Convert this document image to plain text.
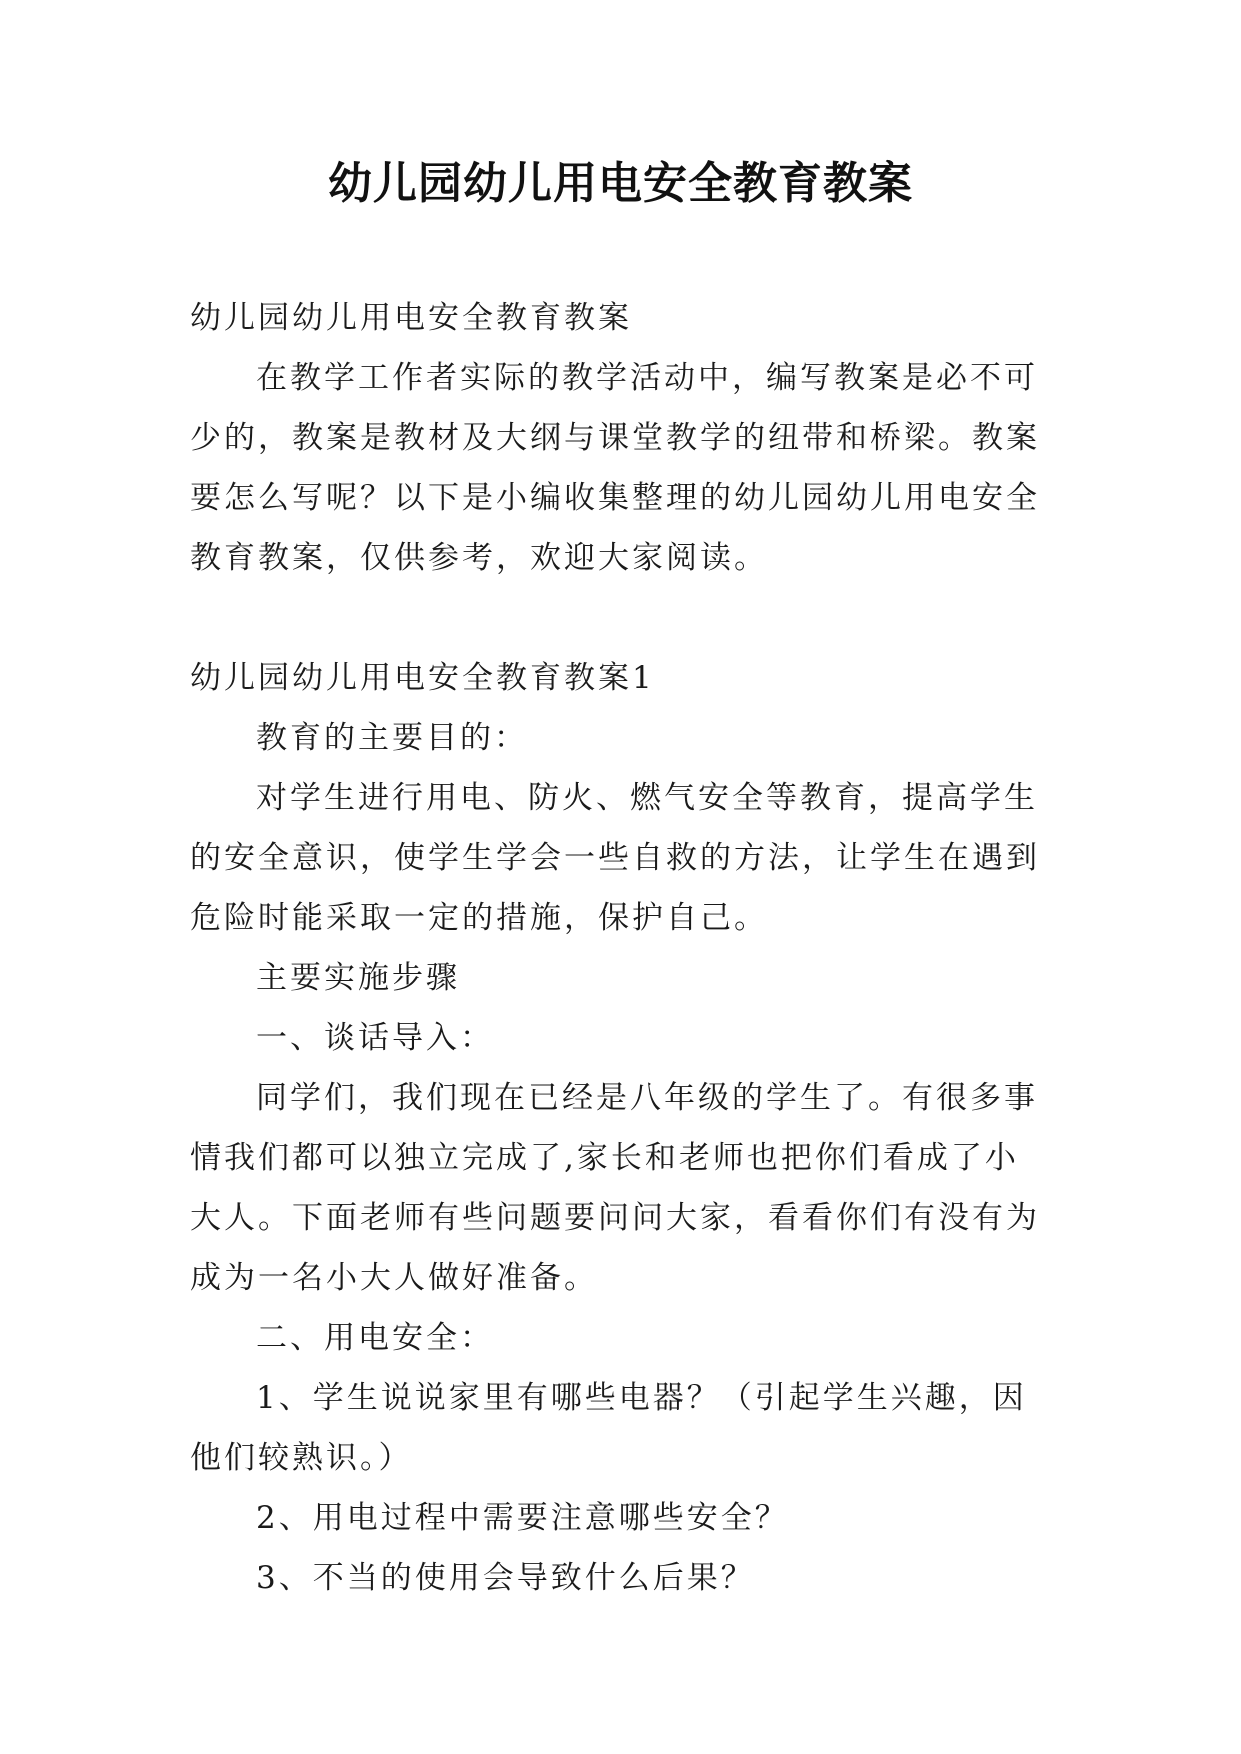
幼儿园幼儿用电安全教育教案

幼儿园幼儿用电安全教育教案

在教学工作者实际的教学活动中，编写教案是必不可少的，教案是教材及大纲与课堂教学的纽带和桥梁。教案要怎么写呢？以下是小编收集整理的幼儿园幼儿用电安全教育教案，仅供参考，欢迎大家阅读。

幼儿园幼儿用电安全教育教案1

教育的主要目的：

对学生进行用电、防火、燃气安全等教育，提高学生的安全意识，使学生学会一些自救的方法，让学生在遇到危险时能采取一定的措施，保护自己。

主要实施步骤

一、谈话导入：

同学们，我们现在已经是八年级的学生了。有很多事情我们都可以独立完成了,家长和老师也把你们看成了小大人。下面老师有些问题要问问大家，看看你们有没有为成为一名小大人做好准备。

二、用电安全：

1、学生说说家里有哪些电器？（引起学生兴趣，因他们较熟识。）

2、用电过程中需要注意哪些安全？

3、不当的使用会导致什么后果？
